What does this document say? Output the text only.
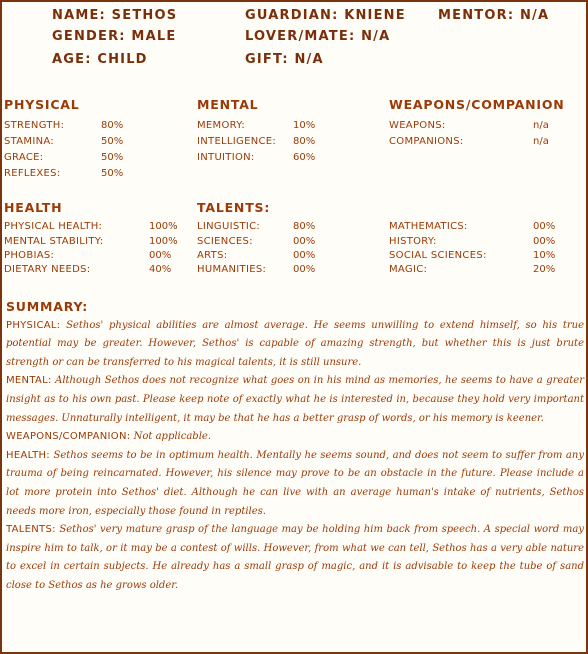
NAME: SETHOS	GUARDIAN: KNIENE MENTOR: N/A
GENDER: MALE	LOVER/MATE: N/A
AGE: CHILD	GIFT: N/A
PHYSICAL
STRENGTH:	80%
STAMINA:	50%
GRACE:	50%
REFLEXES:	50%
MENTAL
MEMORY:	10%
INTELLIGENCE: 80%
INTUITION:	60%
WEAPONS/COMPANION
WEAPONS:	n/a
COMPANIONS:	n/a
HEALTH
PHYSICAL HEALTH:	100%
MENTAL STABILITY:	100%
PHOBIAS:	00%
DIETARY NEEDS:	40%
TALENTS:
LINGUISTIC:	80%
SCIENCES:	00%
ARTS:	00%
HUMANITIES:	00%
MATHEMATICS:	00%
HISTORY:	00%
SOCIAL SCIENCES:	10%
MAGIC:	20%
SUMMARY:

PHYSICAL: Sethos' physical abilities are almost average. He seems unwilling to extend himself, so his true potential may be greater. However, Sethos' is capable of amazing strength, but whether this is just brute strength or can be transferred to his magical talents, it is still unsure.

MENTAL: Although Sethos does not recognize what goes on in his mind as memories, he seems to have a greater insight as to his own past. Please keep note of exactly what he is interested in, because they hold very important messages. Unnaturally intelligent, it may be that he has a better grasp of words, or his memory is keener.

WEAPONS/COMPANION: Not applicable.

HEALTH: Sethos seems to be in optimum health. Mentally he seems sound, and does not seem to suffer from any trauma of being reincarnated. However, his silence may prove to be an obstacle in the future. Please include a lot more protein into Sethos' diet. Although he can live with an average human's intake of nutrients, Sethos needs more iron, especially those found in reptiles.

TALENTS: Sethos' very mature grasp of the language may be holding him back from speech. A special word may inspire him to talk, or it may be a contest of wills. However, from what we can tell, Sethos has a very able nature to excel in certain subjects. He already has a small grasp of magic, and it is advisable to keep the tube of sand close to Sethos as he grows older.
